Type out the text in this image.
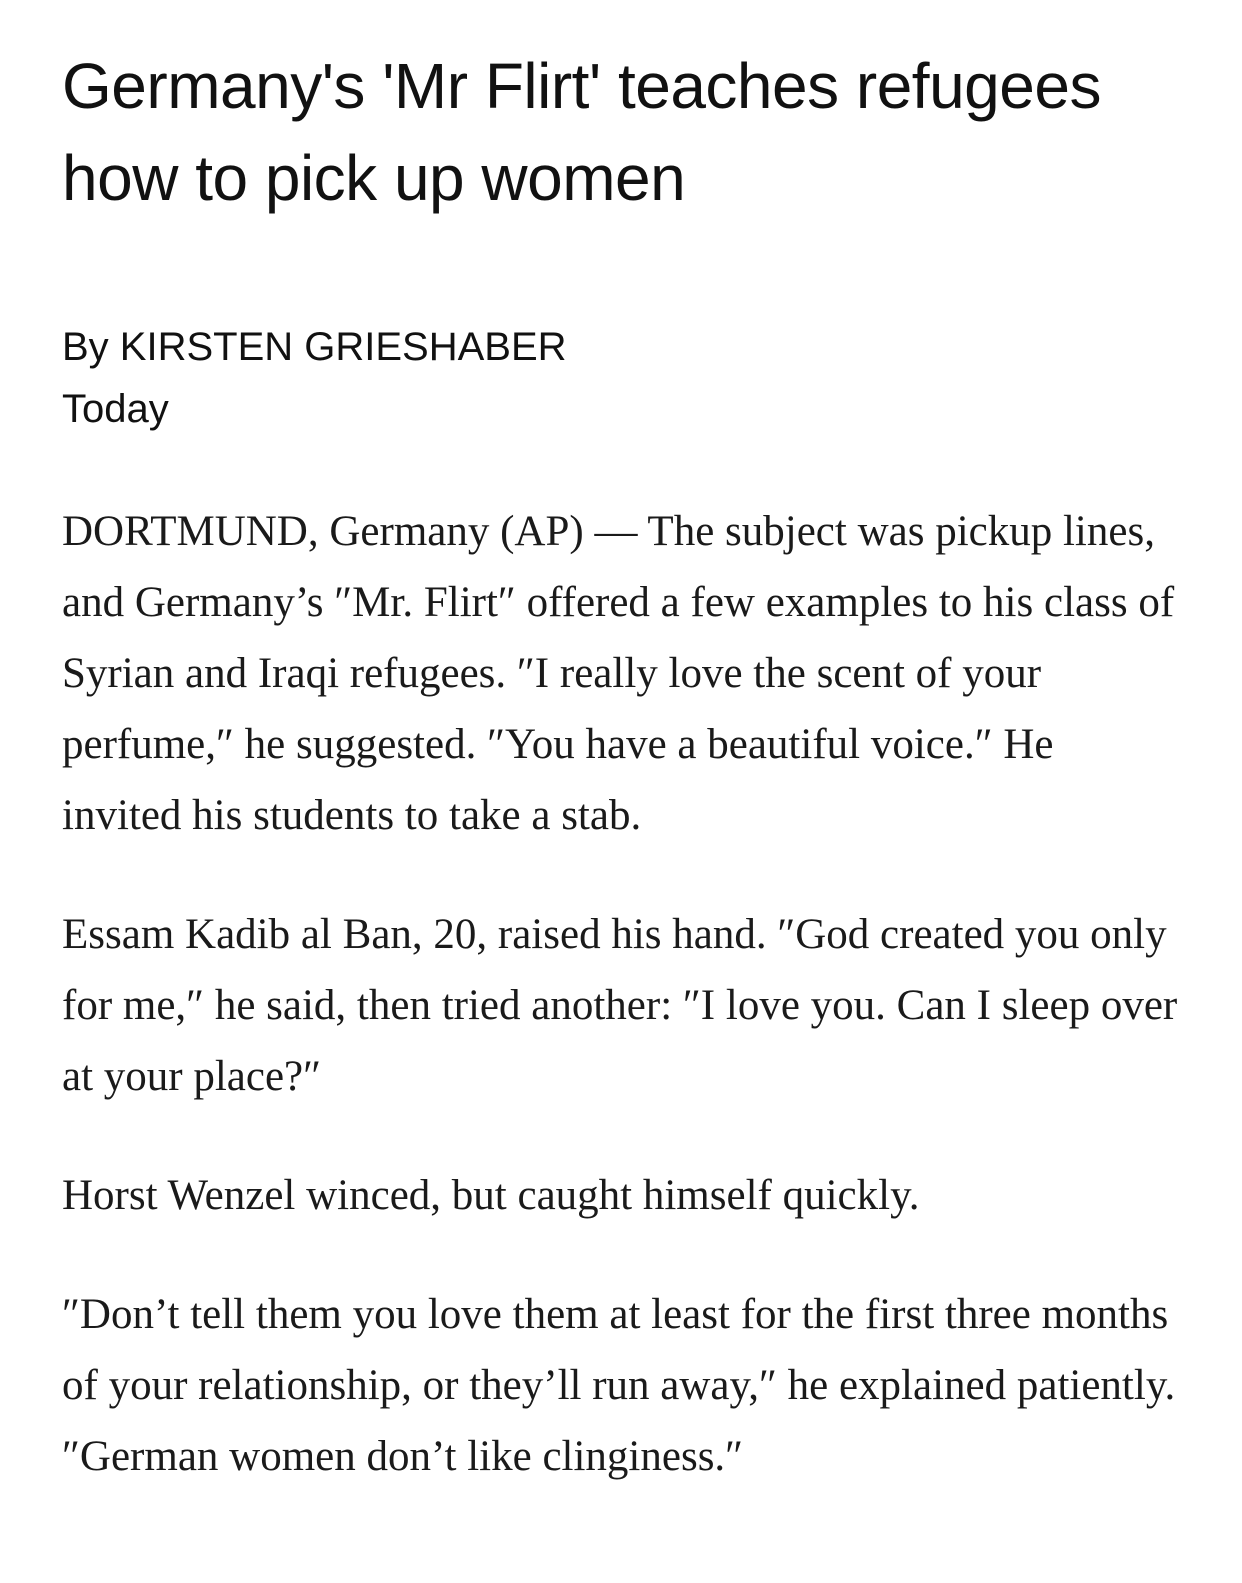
Germany's 'Mr Flirt' teaches refugees how to pick up women
By KIRSTEN GRIESHABER
Today

DORTMUND, Germany (AP) — The subject was pickup lines, and Germany’s ″Mr. Flirt″ offered a few examples to his class of Syrian and Iraqi refugees. ″I really love the scent of your perfume,″ he suggested. ″You have a beautiful voice.″ He invited his students to take a stab.

Essam Kadib al Ban, 20, raised his hand. ″God created you only for me,″ he said, then tried another: ″I love you. Can I sleep over at your place?″

Horst Wenzel winced, but caught himself quickly.

″Don’t tell them you love them at least for the first three months of your relationship, or they’ll run away,″ he explained patiently. ″German women don’t like clinginess.″
